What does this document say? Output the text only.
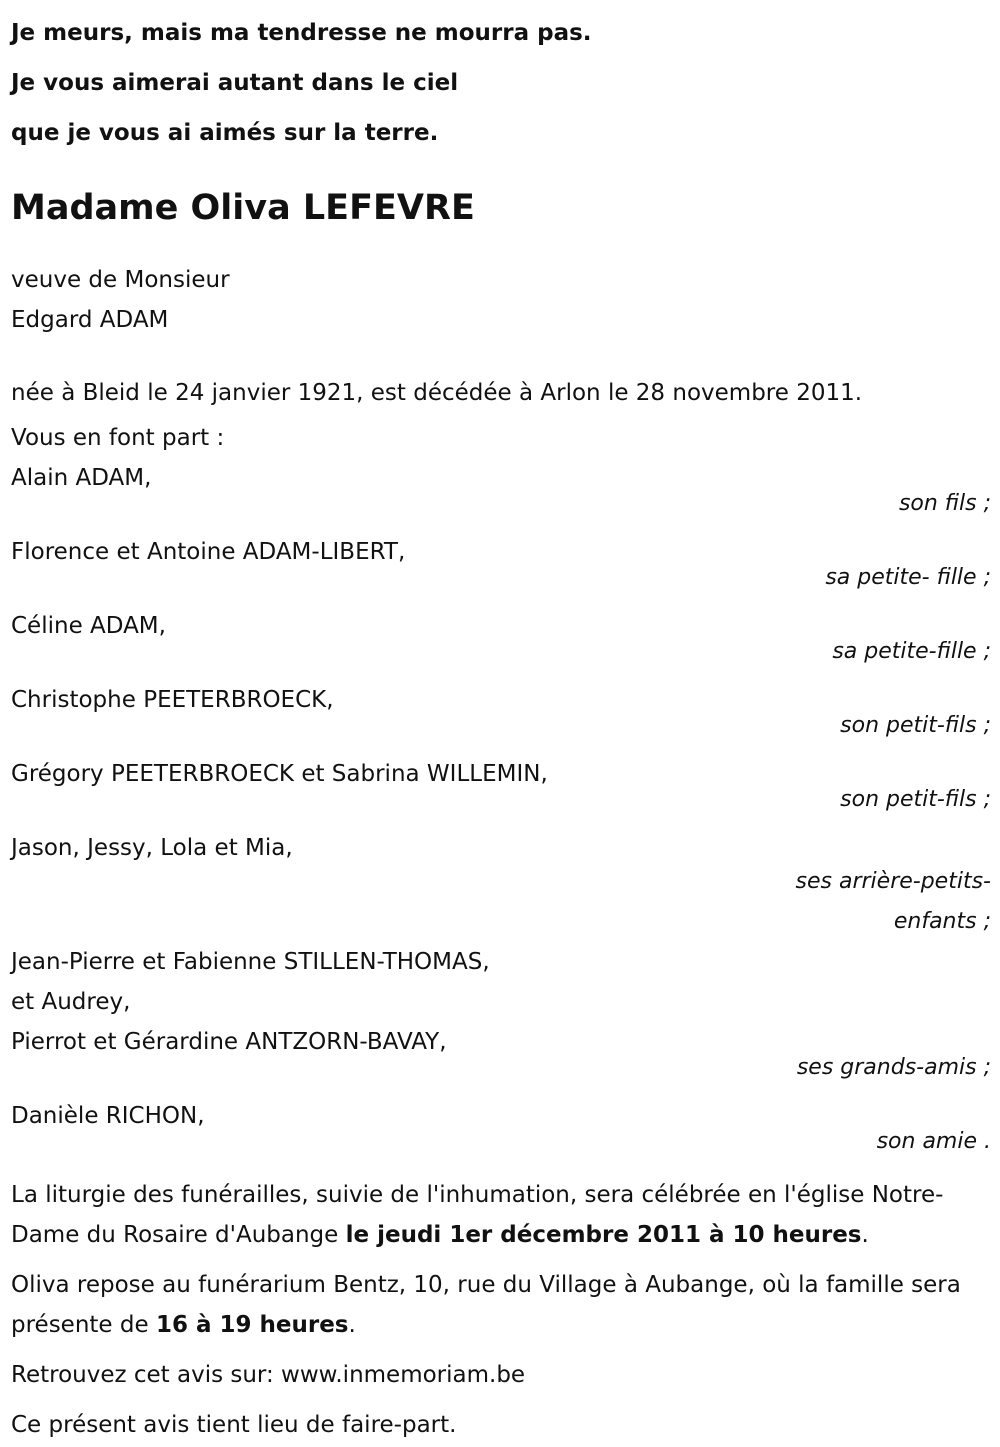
Je meurs, mais ma tendresse ne mourra pas.
Je vous aimerai autant dans le ciel
que je vous ai aimés sur la terre.
Madame Oliva LEFEVRE
veuve de Monsieur
Edgard ADAM
née à Bleid le 24 janvier 1921, est décédée à Arlon le 28 novembre 2011.
Vous en font part :
Alain ADAM,
son fils ;
Florence et Antoine ADAM-LIBERT,
sa petite- fille ;
Céline ADAM,
sa petite-fille ;
Christophe PEETERBROECK,
son petit-fils ;
Grégory PEETERBROECK et Sabrina WILLEMIN,
son petit-fils ;
Jason, Jessy, Lola et Mia,
ses arrière-petits-
enfants ;
Jean-Pierre et Fabienne STILLEN-THOMAS,
et Audrey,
Pierrot et Gérardine ANTZORN-BAVAY,
ses grands-amis ;
Danièle RICHON,
son amie .
La liturgie des funérailles, suivie de l'inhumation, sera célébrée en l'église Notre-Dame du Rosaire d'Aubange le jeudi 1er décembre 2011 à 10 heures.
Oliva repose au funérarium Bentz, 10, rue du Village à Aubange, où la famille sera présente de 16 à 19 heures.
Retrouvez cet avis sur: www.inmemoriam.be
Ce présent avis tient lieu de faire-part.
